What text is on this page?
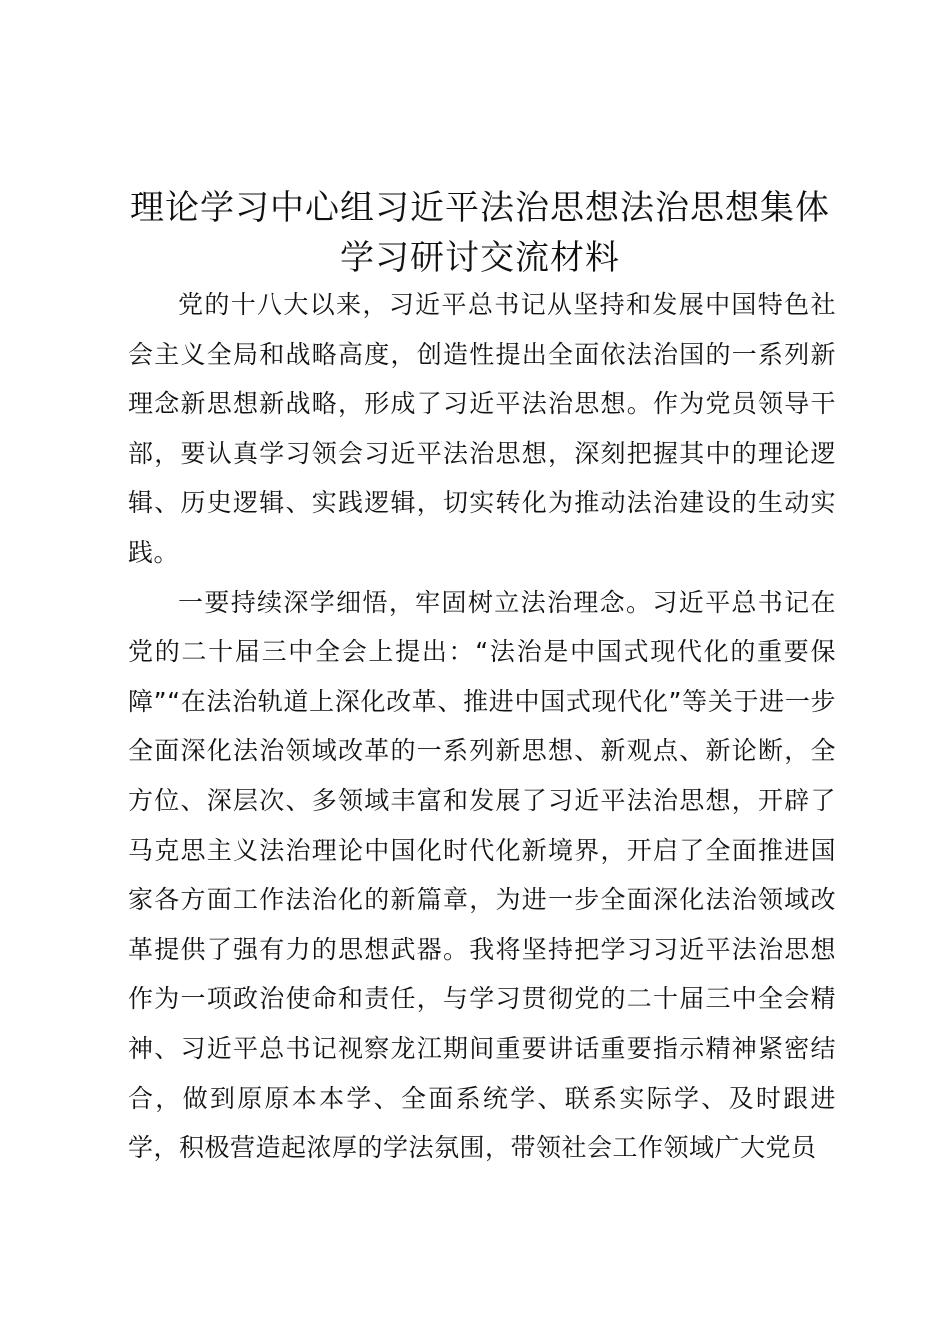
理论学习中心组习近平法治思想法治思想集体
学习研讨交流材料

党的十八大以来，习近平总书记从坚持和发展中国特色社会主义全局和战略高度，创造性提出全面依法治国的一系列新理念新思想新战略，形成了习近平法治思想。作为党员领导干部，要认真学习领会习近平法治思想，深刻把握其中的理论逻辑、历史逻辑、实践逻辑，切实转化为推动法治建设的生动实践。

一要持续深学细悟，牢固树立法治理念。习近平总书记在党的二十届三中全会上提出：“法治是中国式现代化的重要保障”“在法治轨道上深化改革、推进中国式现代化”等关于进一步全面深化法治领域改革的一系列新思想、新观点、新论断，全方位、深层次、多领域丰富和发展了习近平法治思想，开辟了马克思主义法治理论中国化时代化新境界，开启了全面推进国家各方面工作法治化的新篇章，为进一步全面深化法治领域改革提供了强有力的思想武器。我将坚持把学习习近平法治思想作为一项政治使命和责任，与学习贯彻党的二十届三中全会精神、习近平总书记视察龙江期间重要讲话重要指示精神紧密结合，做到原原本本学、全面系统学、联系实际学、及时跟进学，积极营造起浓厚的学法氛围，带领社会工作领域广大党员
